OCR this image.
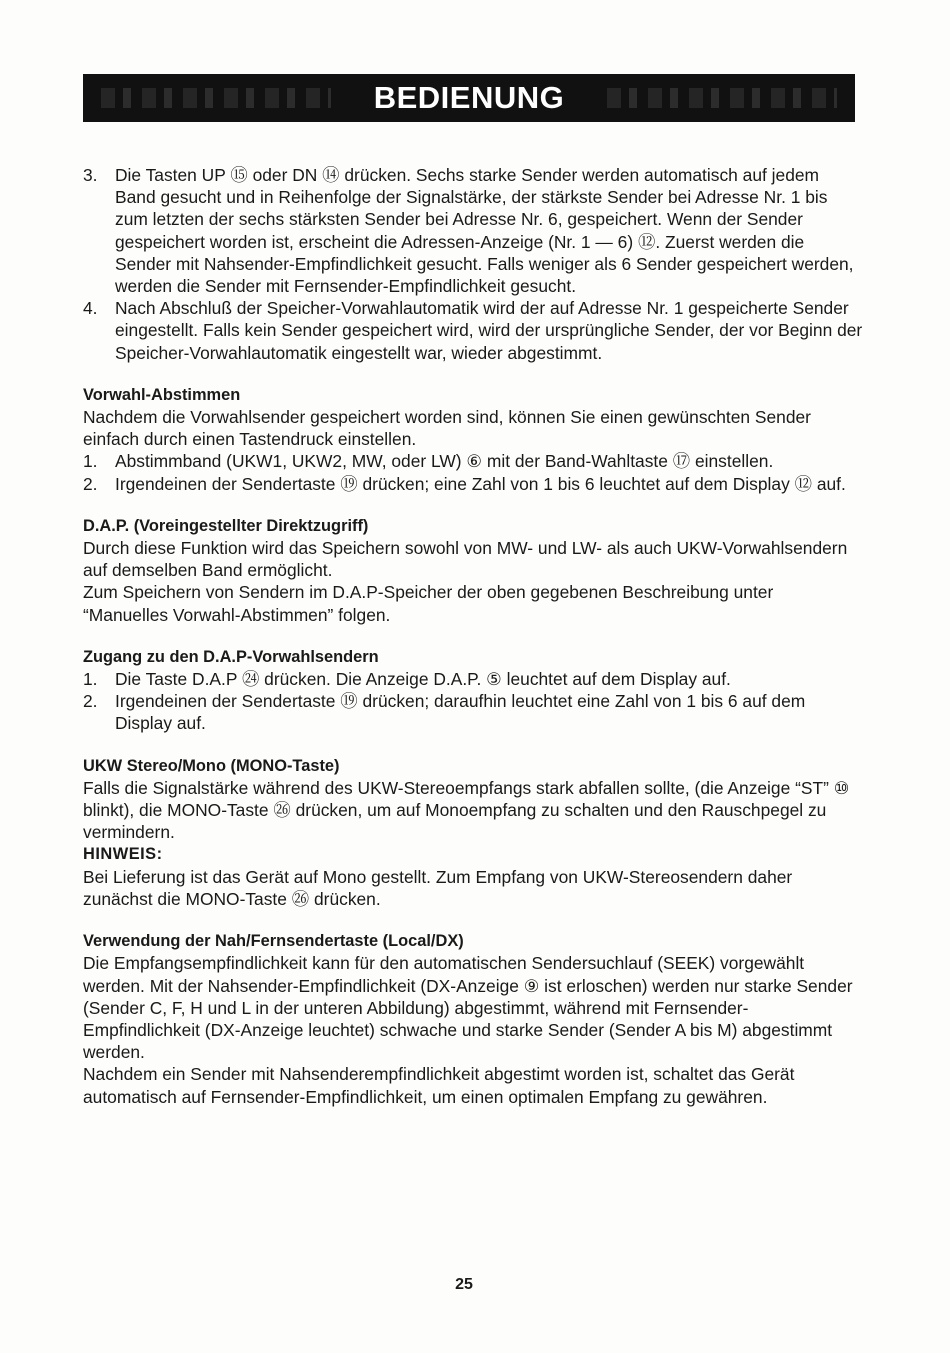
BEDIENUNG
3.	Die Tasten UP ⑮ oder DN ⑭ drücken. Sechs starke Sender werden automatisch auf jedem Band gesucht und in Reihenfolge der Signalstärke, der stärkste Sender bei Adresse Nr. 1 bis zum letzten der sechs stärksten Sender bei Adresse Nr. 6, gespeichert. Wenn der Sender gespeichert worden ist, erscheint die Adressen-Anzeige (Nr. 1 — 6) ⑫. Zuerst werden die Sender mit Nahsender-Empfindlichkeit gesucht. Falls weniger als 6 Sender gespeichert werden, werden die Sender mit Fernsender-Empfindlichkeit gesucht.
4.	Nach Abschluß der Speicher-Vorwahlautomatik wird der auf Adresse Nr. 1 gespeicherte Sender eingestellt. Falls kein Sender gespeichert wird, wird der ursprüngliche Sender, der vor Beginn der Speicher-Vorwahlautomatik eingestellt war, wieder abgestimmt.
Vorwahl-Abstimmen

Nachdem die Vorwahlsender gespeichert worden sind, können Sie einen gewünschten Sender einfach durch einen Tastendruck einstellen.

1.	Abstimmband (UKW1, UKW2, MW, oder LW) ⑥ mit der Band-Wahltaste ⑰ einstellen.
2.	Irgendeinen der Sendertaste ⑲ drücken; eine Zahl von 1 bis 6 leuchtet auf dem Display ⑫ auf.
D.A.P. (Voreingestellter Direktzugriff)

Durch diese Funktion wird das Speichern sowohl von MW- und LW- als auch UKW-Vorwahlsendern auf demselben Band ermöglicht.

Zum Speichern von Sendern im D.A.P-Speicher der oben gegebenen Beschreibung unter “Manuelles Vorwahl-Abstimmen” folgen.

Zugang zu den D.A.P-Vorwahlsendern
1.	Die Taste D.A.P ㉔ drücken. Die Anzeige D.A.P. ⑤ leuchtet auf dem Display auf.
2.	Irgendeinen der Sendertaste ⑲ drücken; daraufhin leuchtet eine Zahl von 1 bis 6 auf dem Display auf.
UKW Stereo/Mono (MONO-Taste)

Falls die Signalstärke während des UKW-Stereoempfangs stark abfallen sollte, (die Anzeige “ST” ⑩ blinkt), die MONO-Taste ㉖ drücken, um auf Monoempfang zu schalten und den Rauschpegel zu vermindern.

HINWEIS:

Bei Lieferung ist das Gerät auf Mono gestellt. Zum Empfang von UKW-Stereosendern daher zunächst die MONO-Taste ㉖ drücken.

Verwendung der Nah/Fernsendertaste (Local/DX)

Die Empfangsempfindlichkeit kann für den automatischen Sendersuchlauf (SEEK) vorgewählt werden. Mit der Nahsender-Empfindlichkeit (DX-Anzeige ⑨ ist erloschen) werden nur starke Sender (Sender C, F, H und L in der unteren Abbildung) abgestimmt, während mit Fernsender-Empfindlichkeit (DX-Anzeige leuchtet) schwache und starke Sender (Sender A bis M) abgestimmt werden.

Nachdem ein Sender mit Nahsenderempfindlichkeit abgestimt worden ist, schaltet das Gerät automatisch auf Fernsender-Empfindlichkeit, um einen optimalen Empfang zu gewähren.

25
